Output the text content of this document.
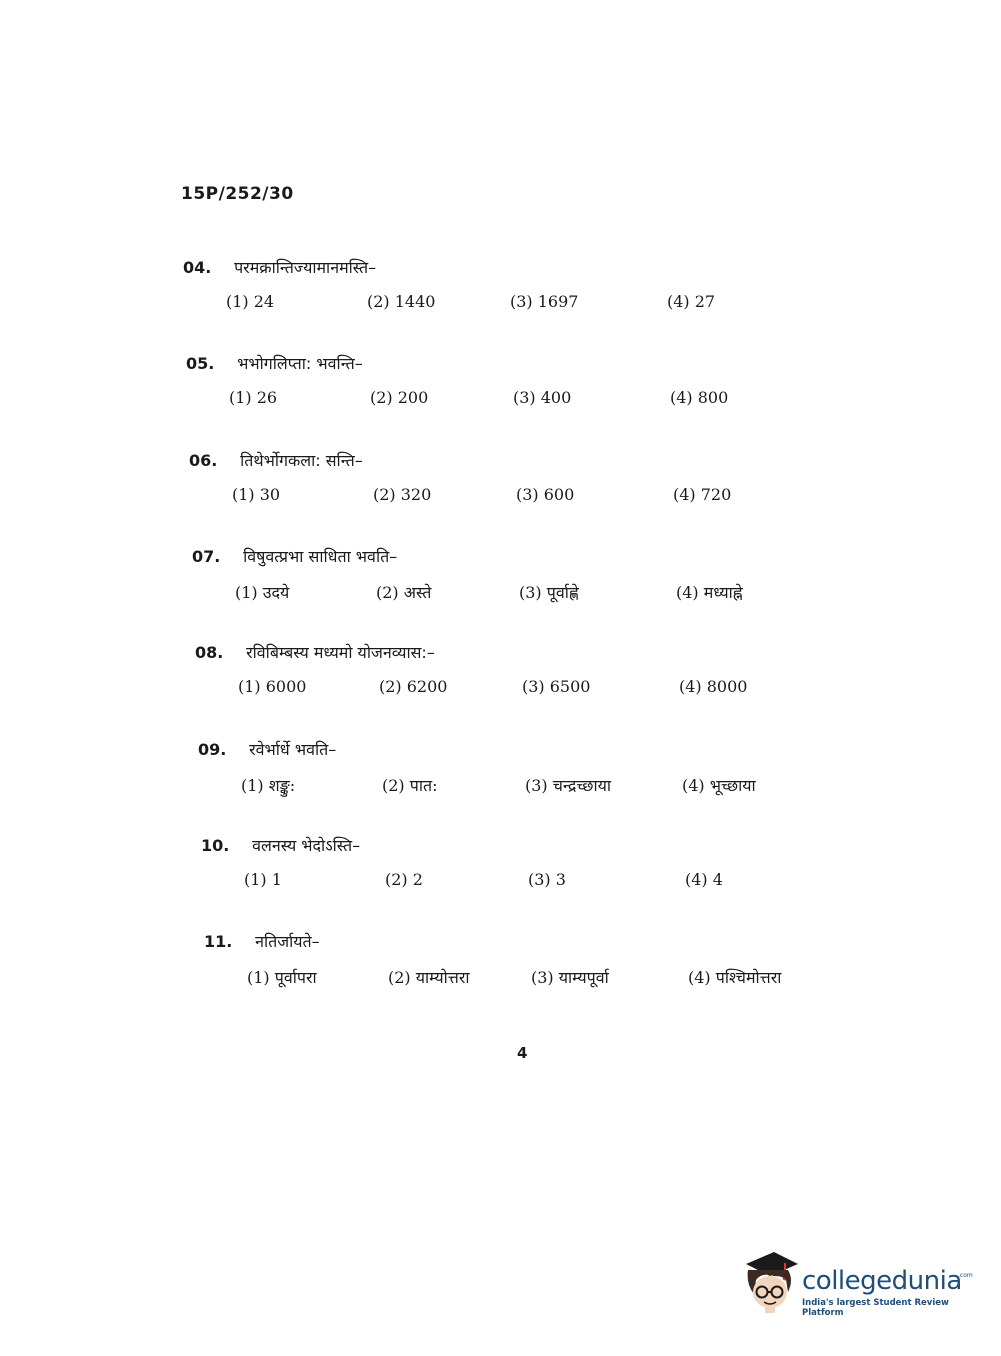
15P/252/30
04. परमक्रान्तिज्यामानमस्ति–
(1) 24	(2) 1440	(3) 1697	(4) 27
05. भभोगलिप्ता: भवन्ति–
(1) 26	(2) 200	(3) 400	(4) 800
06. तिथेर्भोगकला: सन्ति–
(1) 30	(2) 320	(3) 600	(4) 720
07. विषुवत्प्रभा साधिता भवति–
(1) उदये	(2) अस्ते	(3) पूर्वाह्णे	(4) मध्याह्ने
08. रविबिम्बस्य मध्यमो योजनव्यास:–
(1) 6000	(2) 6200	(3) 6500	(4) 8000
09. रवेर्भार्धे भवति–
(1) शङ्कु:	(2) पात:	(3) चन्द्रच्छाया	(4) भूच्छाया
10. वलनस्य भेदोऽस्ति–
(1) 1	(2) 2	(3) 3	(4) 4
11. नतिर्जायते–
(1) पूर्वापरा	(2) याम्योत्तरा	(3) याम्यपूर्वा	(4) पश्चिमोत्तरा
4
collegedunia
.com
India's largest Student Review Platform
